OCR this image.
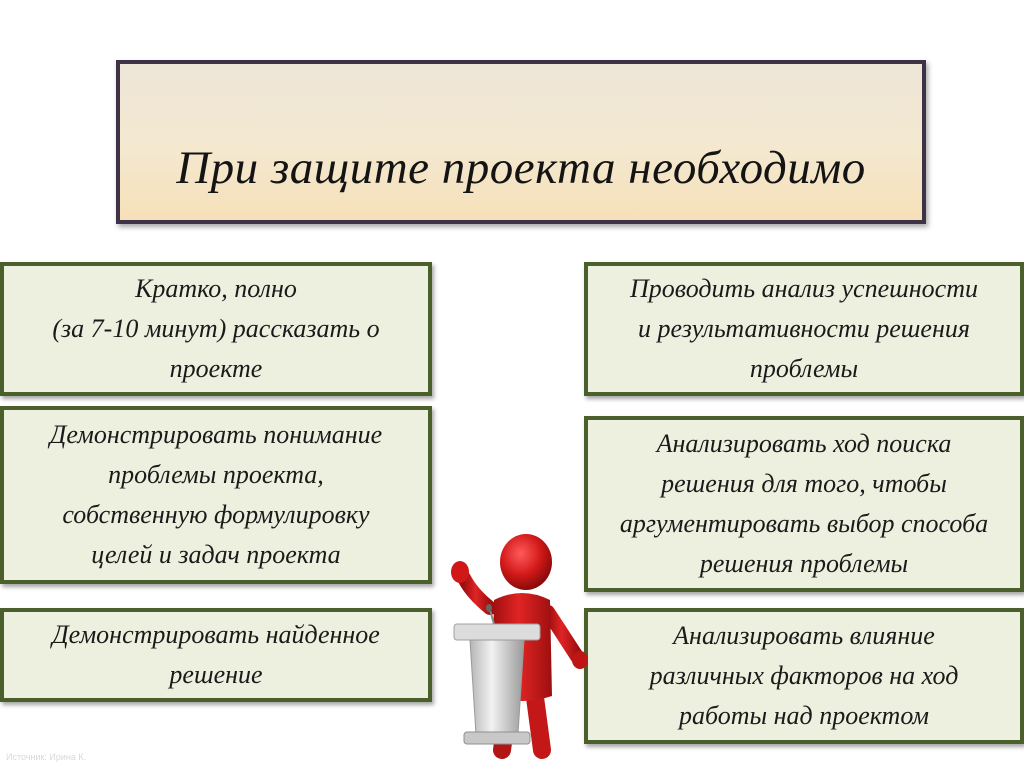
При защите проекта необходимо
Кратко, полно
(за 7-10 минут) рассказать о
проекте
Демонстрировать понимание
проблемы проекта,
собственную формулировку
целей и задач проекта
Демонстрировать найденное
решение
Проводить анализ успешности
и результативности решения
проблемы
Анализировать ход поиска
решения для того, чтобы
аргументировать выбор способа
решения проблемы
Анализировать влияние
различных факторов на ход
работы над проектом
Источник: Ирина К.
